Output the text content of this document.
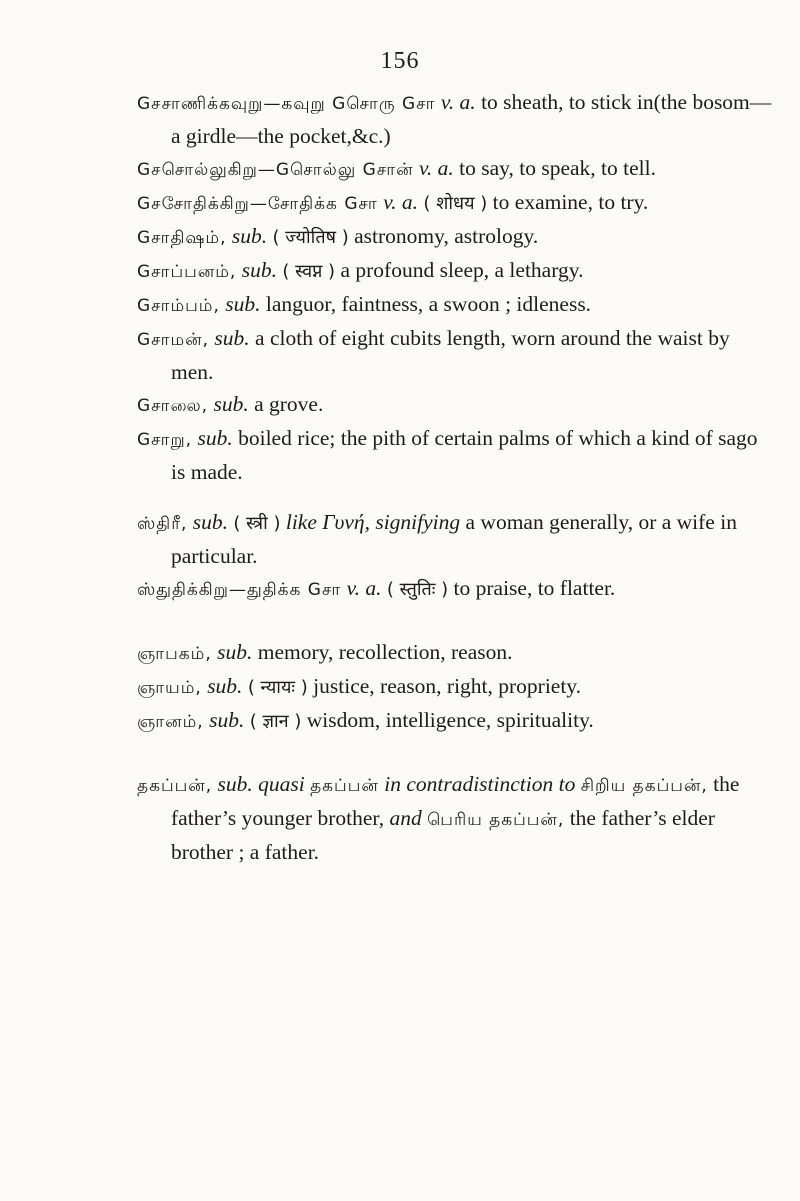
156

Gசசாணிக்கவுறு—கவுறு Gசொரு Gசா v. a. to sheath, to stick in(the bosom—a girdle—the pocket,&c.)

Gசசொல்லுகிறு—Gசொல்லு Gசான் v. a. to say, to speak, to tell.

Gசசோதிக்கிறு—சோதிக்க Gசா v. a. ( शोधय ) to examine, to try.

Gசாதிஷம், sub. ( ज्योतिष ) astronomy, astrology.

Gசாப்பனம், sub. ( स्वप्न ) a profound sleep, a lethargy.

Gசாம்பம், sub. languor, faintness, a swoon ; idleness.

Gசாமன், sub. a cloth of eight cubits length, worn around the waist by men.

Gசாலை, sub. a grove.

Gசாறு, sub. boiled rice; the pith of certain palms of which a kind of sago is made.

ஸ்திரீ, sub. ( स्त्री ) like Γυνή, signifying a woman generally, or a wife in particular.

ஸ்துதிக்கிறு—துதிக்க Gசா v. a. ( स्तुतिः ) to praise, to flatter.

ஞாபகம், sub. memory, recollection, reason.

ஞாயம், sub. ( न्यायः ) justice, reason, right, propriety.

ஞானம், sub. ( ज्ञान ) wisdom, intelligence, spirituality.

தகப்பன், sub. quasi தகப்பன் in contradistinction to சிறிய தகப்பன், the father’s younger brother, and பெரிய தகப்பன், the father’s elder brother ; a father.
